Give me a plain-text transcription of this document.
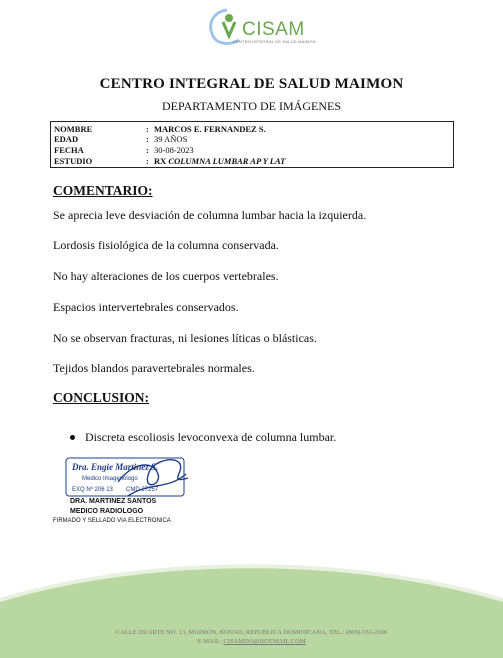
CISAM
CENTRO INTEGRAL DE SALUD MAIMON
CENTRO INTEGRAL DE SALUD MAIMON
DEPARTAMENTO DE IMÁGENES
NOMBRE	: MARCOS E. FERNANDEZ S.
EDAD	: 39 AÑOS
FECHA	: 30-08-2023
ESTUDIO	: RX COLUMNA LUMBAR AP Y LAT
COMENTARIO:
Se aprecia leve desviación de columna lumbar hacia la izquierda.
Lordosis fisiológica de la columna conservada.
No hay alteraciones de los cuerpos vertebrales.
Espacios intervertebrales conservados.
No se observan fracturas, ni lesiones líticas o blásticas.
Tejidos blandos paravertebrales normales.
CONCLUSION:
Discreta escoliosis levoconvexa de columna lumbar.
Dra. Engie Martinez S.
Medico Imagenologo
EXQ Nº 206 13 CMD 27257
DRA. MARTINEZ SANTOS
MEDICO RADIOLOGO
FIRMADO Y SELLADO VIA ELECTRONICA
CALLE DUARTE NO. 13, MAIMÓN, BONAO, REPUBLICA DOMINICANA, TEL.: (809)-551-2196
E-MAIL: CISAMDO@HOTMAIL.COM
